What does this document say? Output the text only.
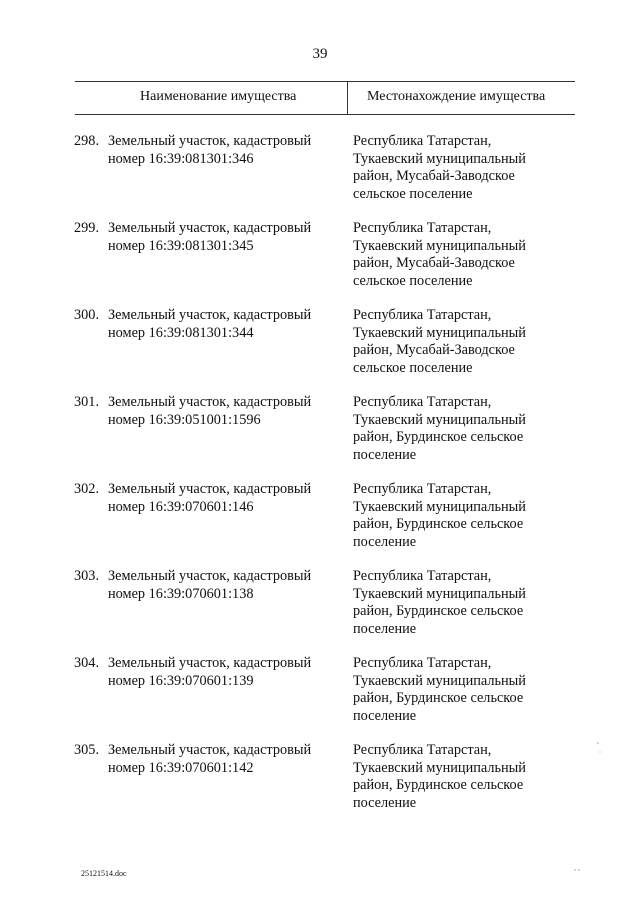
39
Наименование имущества	Местонахождение имущества
298. Земельный участок, кадастровый
номер 16:39:081301:346
Республика Татарстан,
Тукаевский муниципальный
район, Мусабай-Заводское
сельское поселение
299. Земельный участок, кадастровый
номер 16:39:081301:345
Республика Татарстан,
Тукаевский муниципальный
район, Мусабай-Заводское
сельское поселение
300. Земельный участок, кадастровый
номер 16:39:081301:344
Республика Татарстан,
Тукаевский муниципальный
район, Мусабай-Заводское
сельское поселение
301. Земельный участок, кадастровый
номер 16:39:051001:1596
Республика Татарстан,
Тукаевский муниципальный
район, Бурдинское сельское
поселение
302. Земельный участок, кадастровый
номер 16:39:070601:146
Республика Татарстан,
Тукаевский муниципальный
район, Бурдинское сельское
поселение
303. Земельный участок, кадастровый
номер 16:39:070601:138
Республика Татарстан,
Тукаевский муниципальный
район, Бурдинское сельское
поселение
304. Земельный участок, кадастровый
номер 16:39:070601:139
Республика Татарстан,
Тукаевский муниципальный
район, Бурдинское сельское
поселение
305. Земельный участок, кадастровый
номер 16:39:070601:142
Республика Татарстан,
Тукаевский муниципальный
район, Бурдинское сельское
поселение
25121514.doc
